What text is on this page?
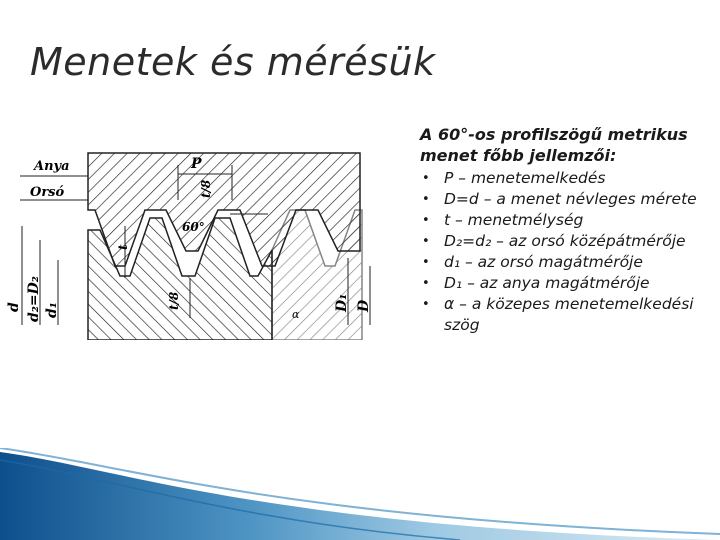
Menetek és mérésük
Anya
Orsó
P
t/8
60°
t
t/8
d d₂=D₂ d₁	D₁ D
α
A 60°-os profilszögű metrikus menet főbb jellemzői:
• P – menetemelkedés
• D=d – a menet névleges mérete
• t – menetmélység
• D₂=d₂ – az orsó középátmérője
• d₁ – az orsó magátmérője
• D₁ – az anya magátmérője
• α – a közepes menetemelkedési szög
